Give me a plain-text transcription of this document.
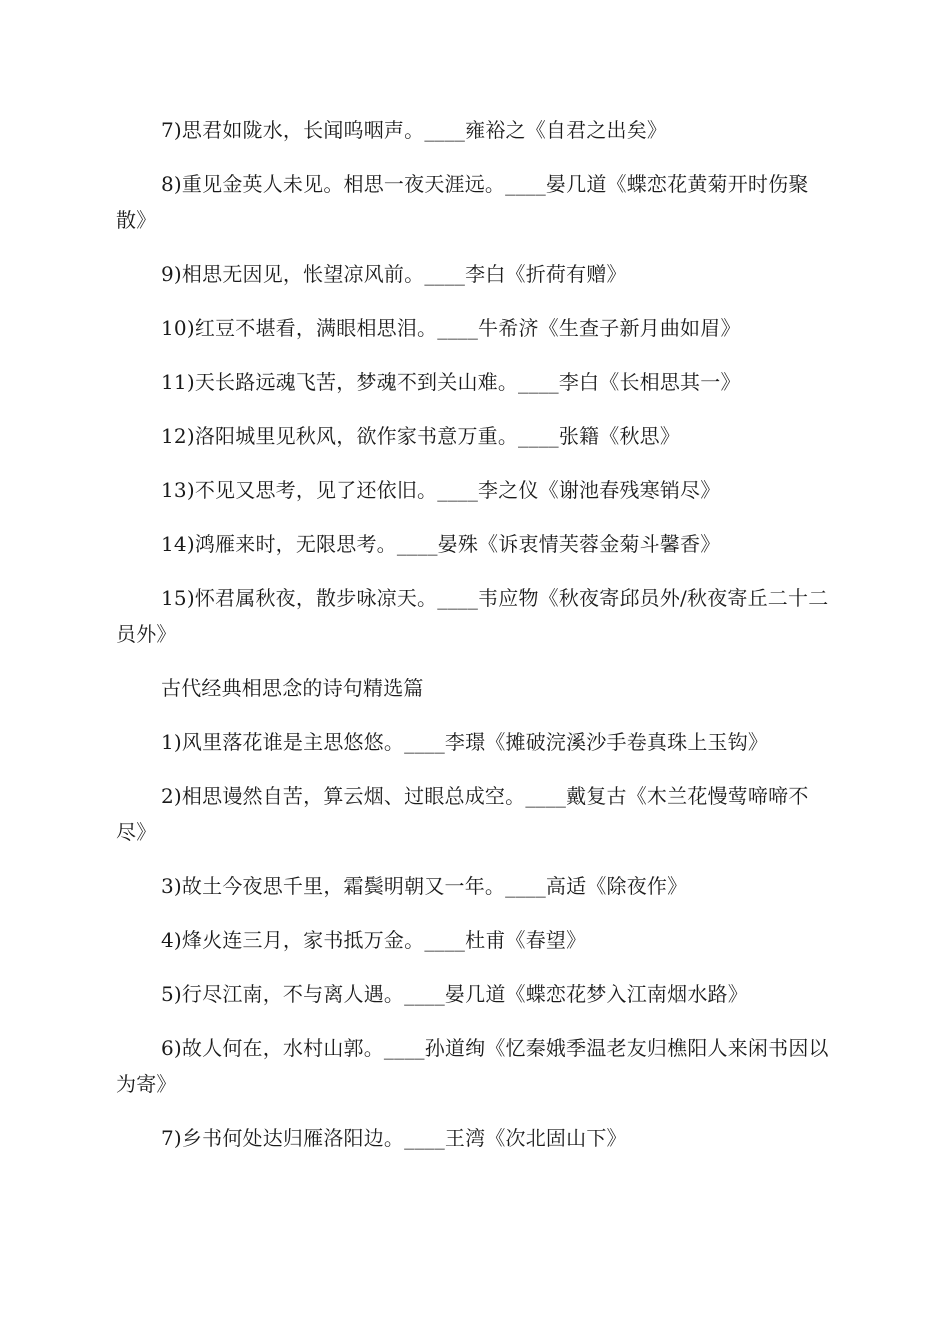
7)思君如陇水，长闻呜咽声。____雍裕之《自君之出矣》

8)重见金英人未见。相思一夜天涯远。____晏几道《蝶恋花黄菊开时伤聚散》

9)相思无因见，怅望凉风前。____李白《折荷有赠》

10)红豆不堪看，满眼相思泪。____牛希济《生查子新月曲如眉》

11)天长路远魂飞苦，梦魂不到关山难。____李白《长相思其一》

12)洛阳城里见秋风，欲作家书意万重。____张籍《秋思》

13)不见又思考，见了还依旧。____李之仪《谢池春残寒销尽》

14)鸿雁来时，无限思考。____晏殊《诉衷情芙蓉金菊斗馨香》

15)怀君属秋夜，散步咏凉天。____韦应物《秋夜寄邱员外/秋夜寄丘二十二员外》

古代经典相思念的诗句精选篇

1)风里落花谁是主思悠悠。____李璟《摊破浣溪沙手卷真珠上玉钩》

2)相思谩然自苦，算云烟、过眼总成空。____戴复古《木兰花慢莺啼啼不尽》

3)故土今夜思千里，霜鬓明朝又一年。____高适《除夜作》

4)烽火连三月，家书抵万金。____杜甫《春望》

5)行尽江南，不与离人遇。____晏几道《蝶恋花梦入江南烟水路》

6)故人何在，水村山郭。____孙道绚《忆秦娥季温老友归樵阳人来闲书因以为寄》

7)乡书何处达归雁洛阳边。____王湾《次北固山下》
